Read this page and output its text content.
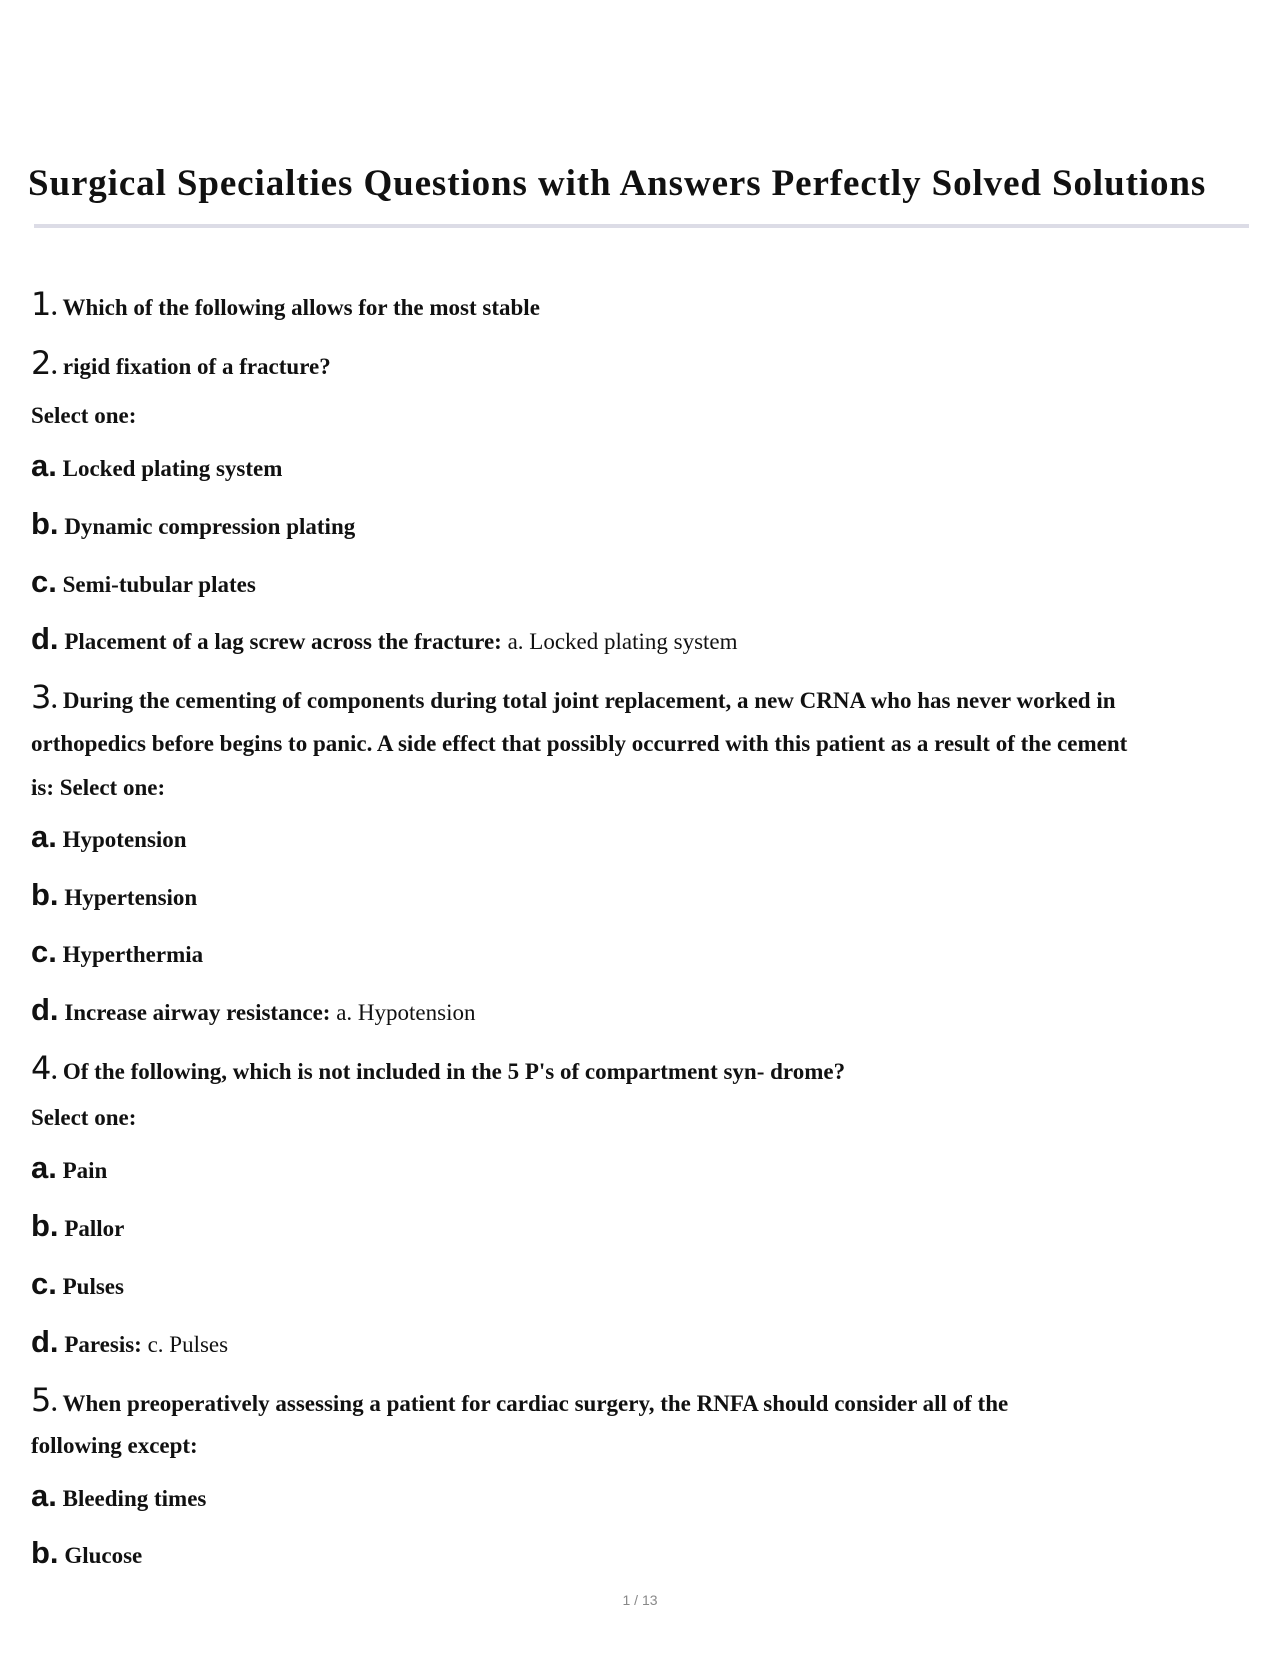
Surgical Specialties Questions with Answers Perfectly Solved Solutions
1. Which of the following allows for the most stable
2. rigid fixation of a fracture?
Select one:
a. Locked plating system
b. Dynamic compression plating
c. Semi-tubular plates
d. Placement of a lag screw across the fracture: a. Locked plating system
3. During the cementing of components during total joint replacement, a new CRNA who has never worked in
orthopedics before begins to panic. A side effect that possibly occurred with this patient as a result of the cement
is: Select one:
a. Hypotension
b. Hypertension
c. Hyperthermia
d. Increase airway resistance: a. Hypotension
4. Of the following, which is not included in the 5 P's of compartment syn- drome?
Select one:
a. Pain
b. Pallor
c. Pulses
d. Paresis: c. Pulses
5. When preoperatively assessing a patient for cardiac surgery, the RNFA should consider all of the
following except:
a. Bleeding times
b. Glucose
1 / 13
